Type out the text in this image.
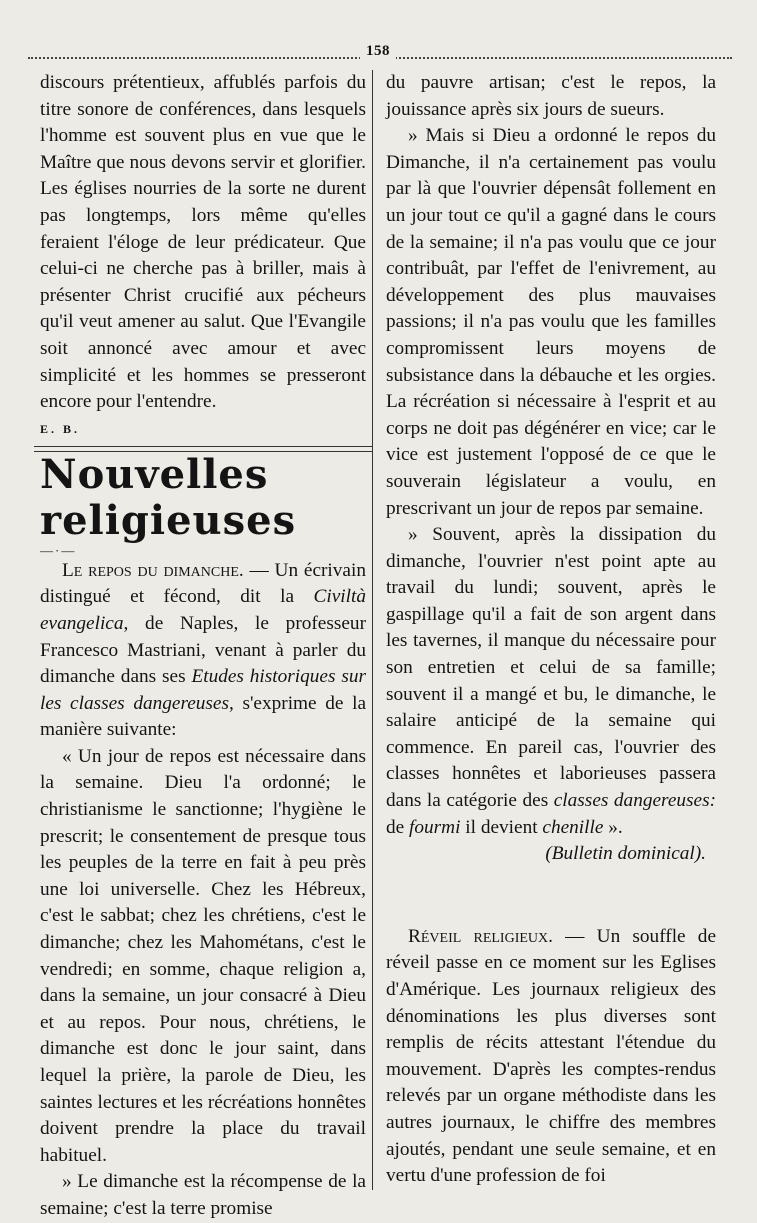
158

discours prétentieux, affublés parfois du titre sonore de conférences, dans lesquels l'homme est souvent plus en vue que le Maître que nous devons servir et glorifier. Les églises nourries de la sorte ne durent pas longtemps, lors même qu'elles feraient l'éloge de leur prédicateur. Que celui-ci ne cherche pas à briller, mais à présenter Christ crucifié aux pécheurs qu'il veut amener au salut. Que l'Evangile soit annoncé avec amour et avec simplicité et les hommes se presseront encore pour l'entendre.

E. B.

Nouvelles religieuses

—·—

Le repos du dimanche. — Un écrivain distingué et fécond, dit la Civiltà evangelica, de Naples, le professeur Francesco Mastriani, venant à parler du dimanche dans ses Etudes historiques sur les classes dangereuses, s'exprime de la manière suivante:

« Un jour de repos est nécessaire dans la semaine. Dieu l'a ordonné; le christianisme le sanctionne; l'hygiène le prescrit; le consentement de presque tous les peuples de la terre en fait à peu près une loi universelle. Chez les Hébreux, c'est le sabbat; chez les chrétiens, c'est le dimanche; chez les Mahométans, c'est le vendredi; en somme, chaque religion a, dans la semaine, un jour consacré à Dieu et au repos. Pour nous, chrétiens, le dimanche est donc le jour saint, dans lequel la prière, la parole de Dieu, les saintes lectures et les récréations honnêtes doivent prendre la place du travail habituel.

» Le dimanche est la récompense de la semaine; c'est la terre promise

du pauvre artisan; c'est le repos, la jouissance après six jours de sueurs.

» Mais si Dieu a ordonné le repos du Dimanche, il n'a certainement pas voulu par là que l'ouvrier dépensât follement en un jour tout ce qu'il a gagné dans le cours de la semaine; il n'a pas voulu que ce jour contribuât, par l'effet de l'enivrement, au développement des plus mauvaises passions; il n'a pas voulu que les familles compromissent leurs moyens de subsistance dans la débauche et les orgies. La récréation si nécessaire à l'esprit et au corps ne doit pas dégénérer en vice; car le vice est justement l'opposé de ce que le souverain législateur a voulu, en prescrivant un jour de repos par semaine.

» Souvent, après la dissipation du dimanche, l'ouvrier n'est point apte au travail du lundi; souvent, après le gaspillage qu'il a fait de son argent dans les tavernes, il manque du nécessaire pour son entretien et celui de sa famille; souvent il a mangé et bu, le dimanche, le salaire anticipé de la semaine qui commence. En pareil cas, l'ouvrier des classes honnêtes et laborieuses passera dans la catégorie des classes dangereuses: de fourmi il devient chenille ».

(Bulletin dominical).

Réveil religieux. — Un souffle de réveil passe en ce moment sur les Eglises d'Amérique. Les journaux religieux des dénominations les plus diverses sont remplis de récits attestant l'étendue du mouvement. D'après les comptes-rendus relevés par un organe méthodiste dans les autres journaux, le chiffre des membres ajoutés, pendant une seule semaine, et en vertu d'une profession de foi
